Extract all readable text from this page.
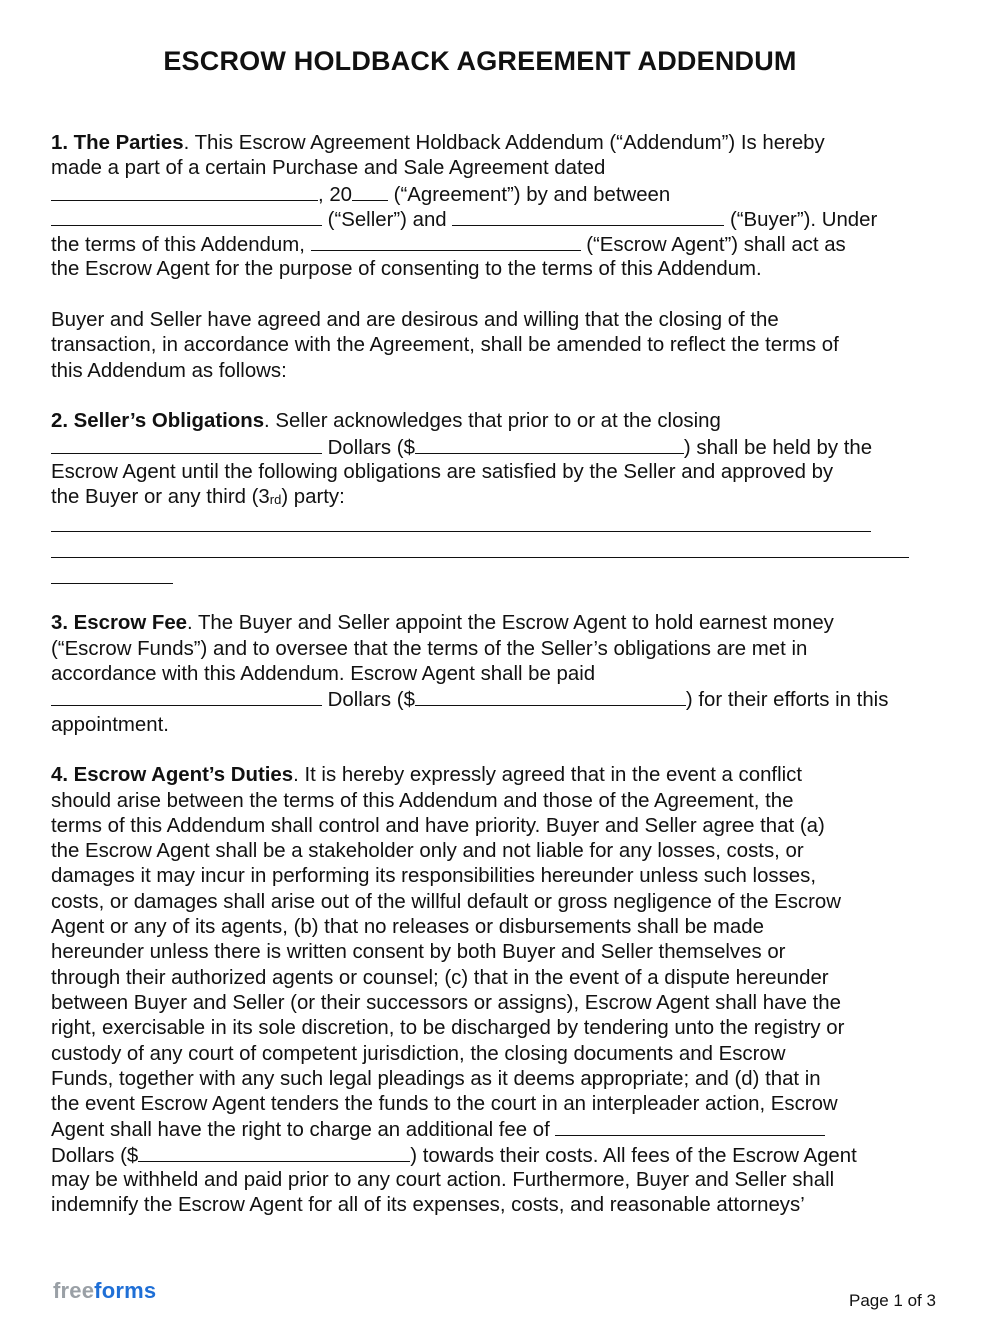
ESCROW HOLDBACK AGREEMENT ADDENDUM
1. The Parties. This Escrow Agreement Holdback Addendum (“Addendum”) Is hereby
made a part of a certain Purchase and Sale Agreement dated
, 20 (“Agreement”) by and between
(“Seller”) and	(“Buyer”). Under
the terms of this Addendum,	(“Escrow Agent”) shall act as
the Escrow Agent for the purpose of consenting to the terms of this Addendum.
Buyer and Seller have agreed and are desirous and willing that the closing of the
transaction, in accordance with the Agreement, shall be amended to reflect the terms of
this Addendum as follows:
2. Seller’s Obligations. Seller acknowledges that prior to or at the closing
Dollars ($	) shall be held by the
Escrow Agent until the following obligations are satisfied by the Seller and approved by
the Buyer or any third $(3_{rd})$ party:
3. Escrow Fee. The Buyer and Seller appoint the Escrow Agent to hold earnest money
(“Escrow Funds”) and to oversee that the terms of the Seller’s obligations are met in
accordance with this Addendum. Escrow Agent shall be paid
Dollars ($	) for their efforts in this
appointment.
4. Escrow Agent’s Duties. It is hereby expressly agreed that in the event a conflict
should arise between the terms of this Addendum and those of the Agreement, the
terms of this Addendum shall control and have priority. Buyer and Seller agree that (a)
the Escrow Agent shall be a stakeholder only and not liable for any losses, costs, or
damages it may incur in performing its responsibilities hereunder unless such losses,
costs, or damages shall arise out of the willful default or gross negligence of the Escrow
Agent or any of its agents, (b) that no releases or disbursements shall be made
hereunder unless there is written consent by both Buyer and Seller themselves or
through their authorized agents or counsel; (c) that in the event of a dispute hereunder
between Buyer and Seller (or their successors or assigns), Escrow Agent shall have the
right, exercisable in its sole discretion, to be discharged by tendering unto the registry or
custody of any court of competent jurisdiction, the closing documents and Escrow
Funds, together with any such legal pleadings as it deems appropriate; and (d) that in
the event Escrow Agent tenders the funds to the court in an interpleader action, Escrow
Agent shall have the right to charge an additional fee of
Dollars ($	) towards their costs. All fees of the Escrow Agent
may be withheld and paid prior to any court action. Furthermore, Buyer and Seller shall
indemnify the Escrow Agent for all of its expenses, costs, and reasonable attorneys’
freeforms	Page 1 of 3
